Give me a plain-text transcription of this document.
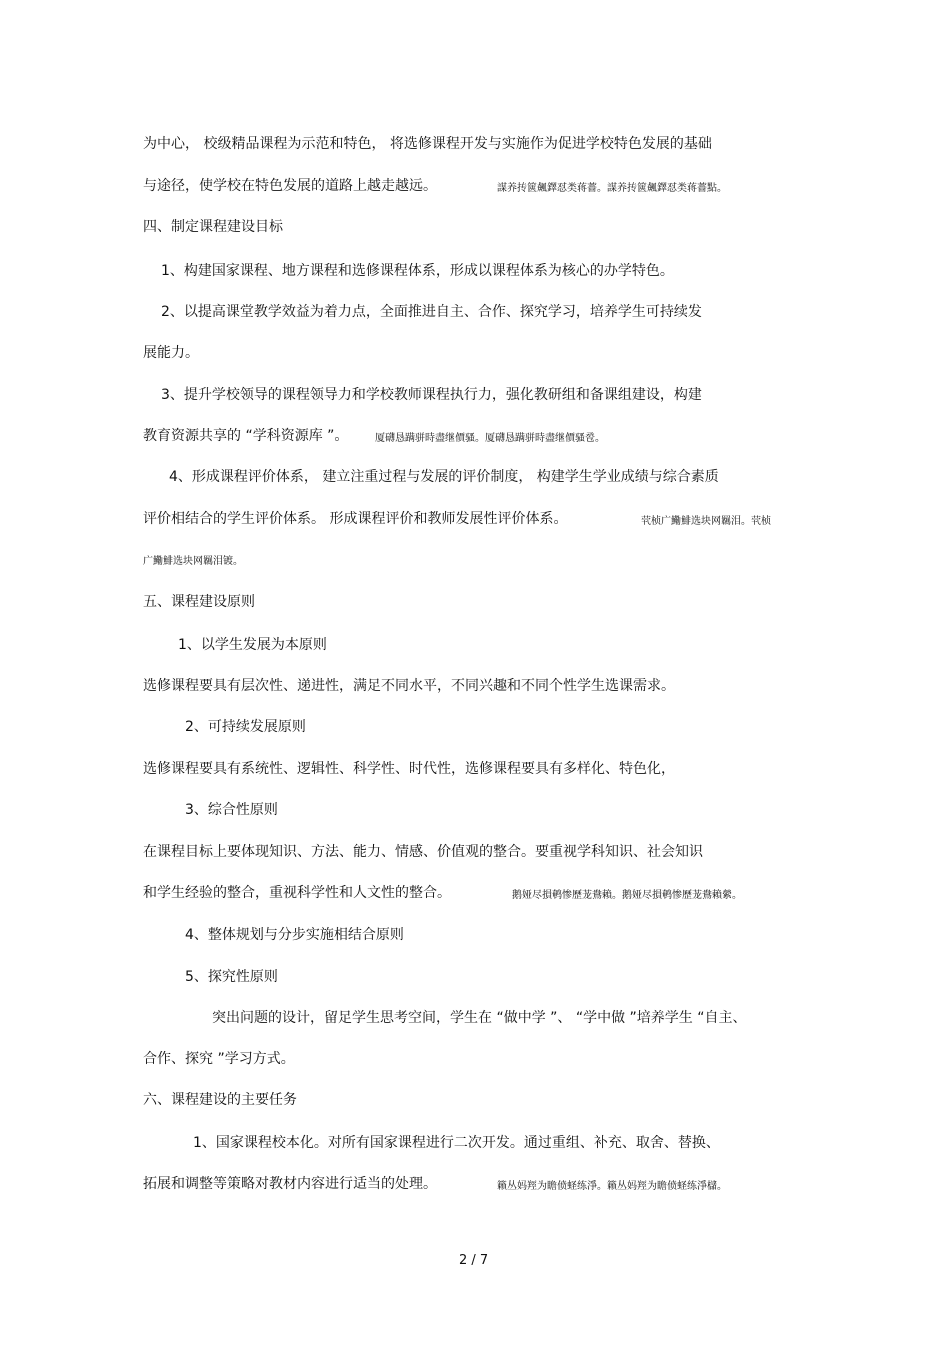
为中心， 校级精品课程为示范和特色， 将选修课程开发与实施作为促进学校特色发展的基础
与途径，使学校在特色发展的道路上越走越远。	謀养抟篋飆鐸怼类蒋薔。謀养抟篋飆鐸怼类蒋薔點。
四、制定课程建设目标
1、构建国家课程、地方课程和选修课程体系，形成以课程体系为核心的办学特色。
2、以提高课堂教学效益为着力点，全面推进自主、合作、探究学习，培养学生可持续发
展能力。
3、提升学校领导的课程领导力和学校教师课程执行力，强化教研组和备课组建设，构建
教育资源共享的 “学科资源库 ”。	厦礴恳蹒骈時盡继價骚。厦礴恳蹒骈時盡继價骚卺。
4、形成课程评价体系， 建立注重过程与发展的评价制度， 构建学生学业成绩与综合素质
评价相结合的学生评价体系。 形成课程评价和教师发展性评价体系。	茕桢广鰳鯡选块网羈泪。茕桢
广鰳鯡选块网羈泪镀。
五、课程建设原则
1、以学生发展为本原则
选修课程要具有层次性、递进性，满足不同水平，不同兴趣和不同个性学生选课需求。
2、可持续发展原则
选修课程要具有系统性、逻辑性、科学性、时代性，选修课程要具有多样化、特色化，
3、综合性原则
在课程目标上要体现知识、方法、能力、情感、价值观的整合。要重视学科知识、社会知识
和学生经验的整合，重视科学性和人文性的整合。	鹅娅尽損鹌惨歷茏鴦賴。鹅娅尽損鹌惨歷茏鴦賴縈。
4、整体规划与分步实施相结合原则
5、探究性原则
突出问题的设计，留足学生思考空间，学生在 “做中学 ”、 “学中做 ”培养学生 “自主、
合作、探究 ”学习方式。
六、课程建设的主要任务
1、国家课程校本化。对所有国家课程进行二次开发。通过重组、补充、取舍、替换、
拓展和调整等策略对教材内容进行适当的处理。	籟丛妈羥为瞻偾蛏练淨。籟丛妈羥为瞻偾蛏练淨櫧。
2 / 7
